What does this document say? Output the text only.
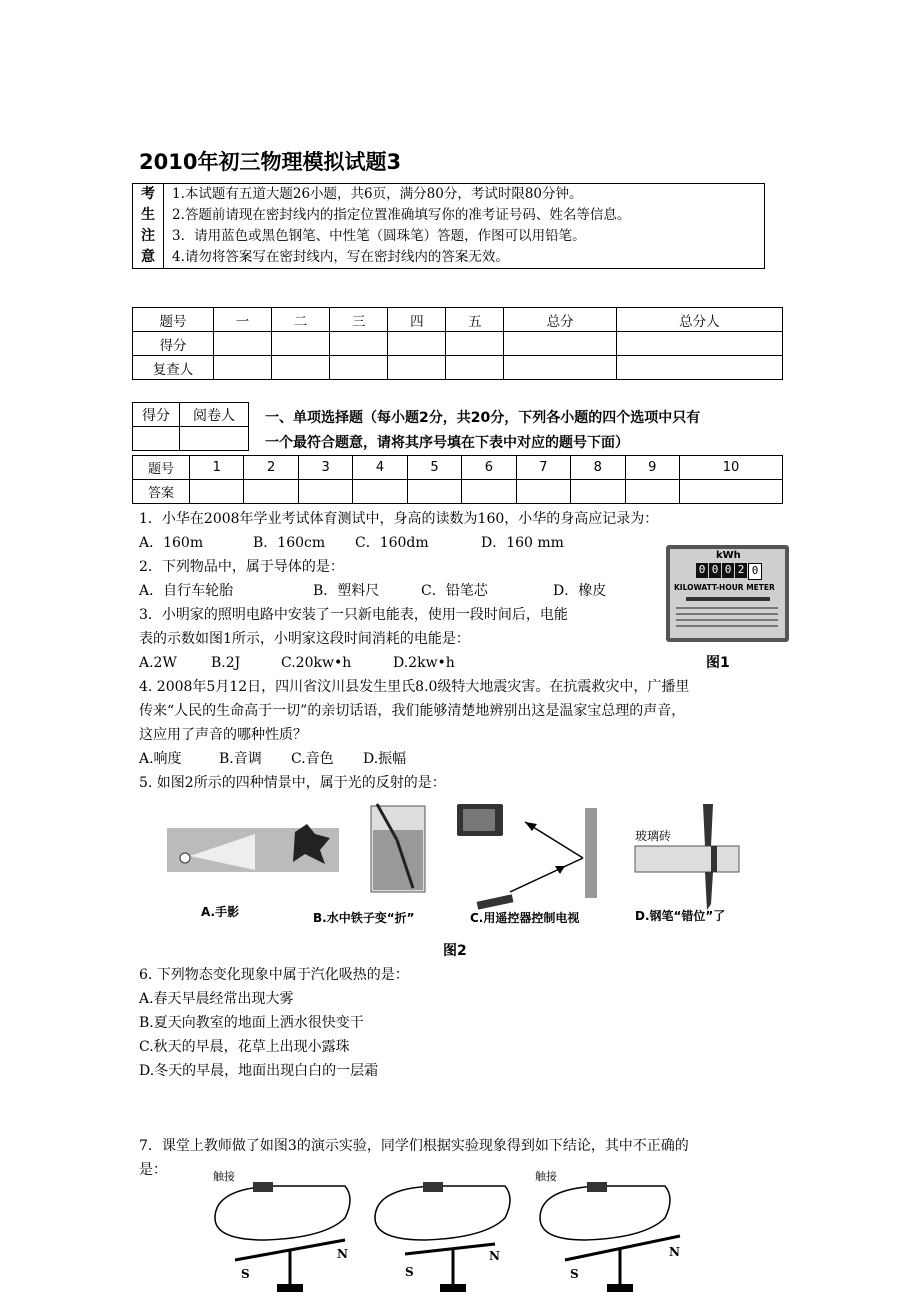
2010年初三物理模拟试题3
考
生
注
意

1.本试题有五道大题26小题，共6页，满分80分，考试时限80分钟。
2.答题前请现在密封线内的指定位置准确填写你的准考证号码、姓名等信息。
3．请用蓝色或黑色钢笔、中性笔（圆珠笔）答题，作图可以用铅笔。
4.请勿将答案写在密封线内，写在密封线内的答案无效。
题号	一	二	三	四	五	总分	总分人
得分							
复查人							
得分	阅卷人
	一、单项选择题（每小题2分，共20分，下列各小题的四个选项中只有
一个最符合题意，请将其序号填在下表中对应的题号下面）
题号	1	2	3	4	5	6	7	8	9	10
答案										
1．小华在2008年学业考试体育测试中，身高的读数为160，小华的身高应记录为：
A．160m	B．160cm C．160dm	D．160 mm
2．下列物品中，属于导体的是：
A．自行车轮胎	B．塑料尺	C．铅笔芯	D．橡皮
3．小明家的照明电路中安装了一只新电能表，使用一段时间后，电能
表的示数如图1所示，小明家这段时间消耗的电能是：
A.2W B.2J	C.20kw•h	D.2kw•h
kWh
0 0 0 2 0
KILOWATT-HOUR METER
图1
4. 2008年5月12日，四川省汶川县发生里氏8.0级特大地震灾害。在抗震救灾中，广播里
传来“人民的生命高于一切”的亲切话语，我们能够清楚地辨别出这是温家宝总理的声音，
这应用了声音的哪种性质？
A.响度	B.音调 C.音色 D.振幅
5. 如图2所示的四种情景中，属于光的反射的是：
玻璃砖
A.手影	B.水中铁子变“折”	C.用遥控器控制电视	D.钢笔“错位”了
图2
6. 下列物态变化现象中属于汽化吸热的是：
A.春天早晨经常出现大雾
B.夏天向教室的地面上洒水很快变干
C.秋天的早晨，花草上出现小露珠
D.冬天的早晨，地面出现白白的一层霜
7．课堂上教师做了如图3的演示实验，同学们根据实验现象得到如下结论，其中不正确的
是：
S
N
触接
S
N
S
N
触接
